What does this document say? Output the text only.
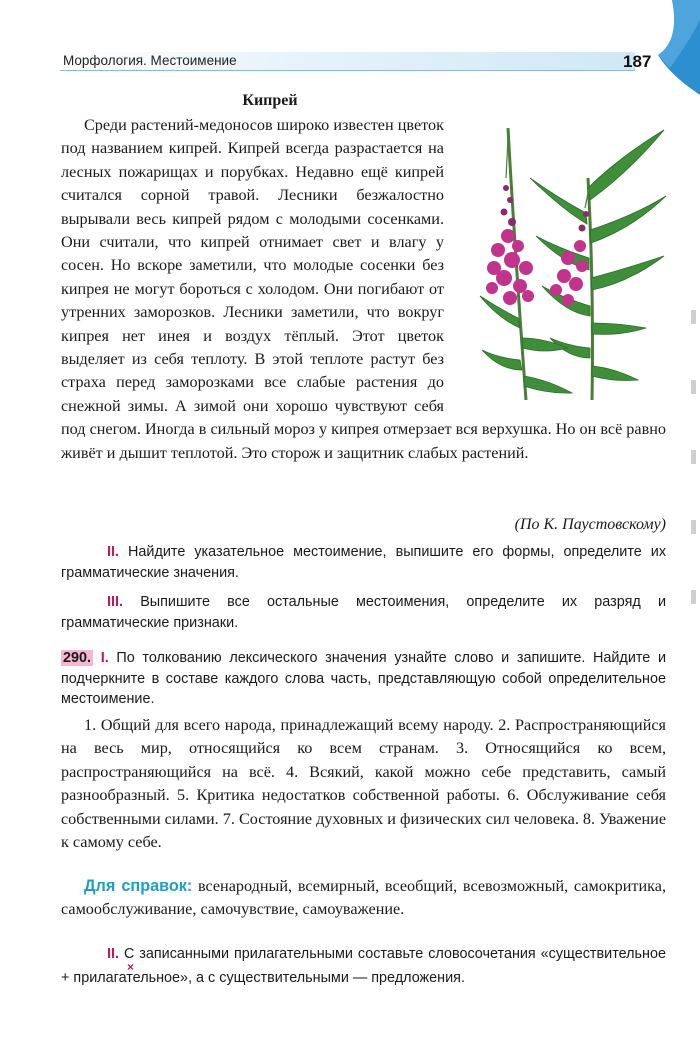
Морфология. Местоимение	187
Кипрей

Среди растений-медоносов широко известен цветок под названием кипрей. Кипрей всегда разрастается на лесных пожарищах и порубках. Недавно ещё кипрей считался сорной травой. Лесники безжалостно вырывали весь кипрей рядом с молодыми сосенками. Они считали, что кипрей отнимает свет и влагу у сосен. Но вскоре заметили, что молодые сосенки без кипрея не могут бороться с холодом. Они погибают от утренних заморозков. Лесники заметили, что вокруг кипрея нет инея и воздух тёплый. Этот цветок выделяет из себя теплоту. В этой теплоте растут без страха перед заморозками все слабые растения до снежной зимы. А зимой они хорошо чувствуют себя под снегом. Иногда в сильный мороз у кипрея отмерзает вся верхушка. Но он всё равно живёт и дышит теплотой. Это сторож и защитник слабых растений.

(По К. Паустовскому)

II. Найдите указательное местоимение, выпишите его формы, определите их грамматические значения.

III. Выпишите все остальные местоимения, определите их разряд и грамматические признаки.

290. I. По толкованию лексического значения узнайте слово и запишите. Найдите и подчеркните в составе каждого слова часть, представляющую собой определительное местоимение.

1. Общий для всего народа, принадлежащий всему народу. 2. Распространяющийся на весь мир, относящийся ко всем странам. 3. Относящийся ко всем, распространяющийся на всё. 4. Всякий, какой можно себе представить, самый разнообразный. 5. Критика недостатков собственной работы. 6. Обслуживание себя собственными силами. 7. Состояние духовных и физических сил человека. 8. Уважение к самому себе.

Для справок: всенародный, всемирный, всеобщий, всевозможный, самокритика, самообслуживание, самочувствие, самоуважение.

II. С записанными прилагательными составьте словосочетания «существительное + прилагательное», а с существительными — предложения.

×
